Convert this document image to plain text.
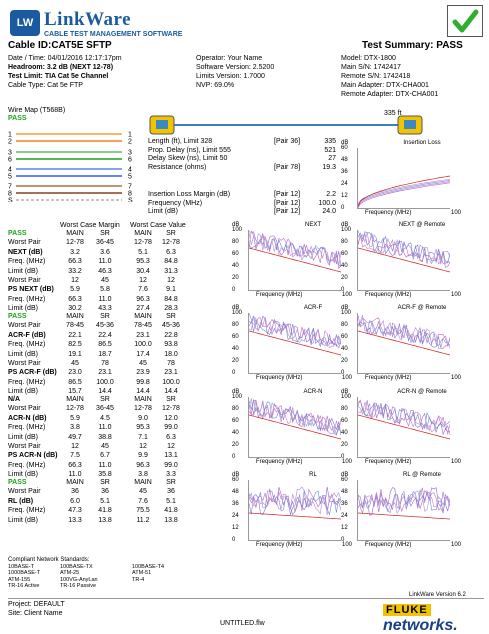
LW LinkWare
CABLE TEST MANAGEMENT SOFTWARE
Cable ID:CAT5E SFTP	Test Summary: PASS
Date / Time: 04/01/2016 12:17:17pm
Headroom: 3.2 dB (NEXT 12-78)
Test Limit: TIA Cat 5e Channel
Cable Type: Cat 5e FTP
Operator: Your Name
Software Version: 2.5200
Limits Version: 1.7000
NVP: 69.0%
Model: DTX-1800
Main S/N: 1742417
Remote S/N: 1742418
Main Adapter: DTX-CHA001
Remote Adapter: DTX-CHA001
Wire Map (T568B)
PASS
1	1
2	2
3	3
6	6
4	4
5	5
7	7
8	8
S	S
335 ft
Length (ft), Limit 328	[Pair 36]	335
Prop. Delay (ns), Limit 555	521
Delay Skew (ns), Limit 50	27
Resistance (ohms)	[Pair 78]	19.3
Insertion Loss Margin (dB)	[Pair 12]	2.2
Frequency (MHz)	[Pair 12]	100.0
Limit (dB)	[Pair 12]	24.0
Worst Case Margin Worst Case Value
PASS	MAIN	SR	MAIN	SR
Worst Pair	12-78	36-45	12-78	12-78
NEXT (dB)	3.2	3.6	5.1	6.3
Freq. (MHz)	66.3	11.0	95.3	84.8
Limit (dB)	33.2	46.3	30.4	31.3
Worst Pair	12	45	12	12
PS NEXT (dB)	5.9	5.8	7.6	9.1
Freq. (MHz)	66.3	11.0	96.3	84.8
Limit (dB)	30.2	43.3	27.4	28.3
PASS	MAIN	SR	MAIN	SR
Worst Pair	78-45	45-36	78-45	45-36
ACR-F (dB)	22.1	22.4	23.1	22.8
Freq. (MHz)	82.5	86.5	100.0	93.8
Limit (dB)	19.1	18.7	17.4	18.0
Worst Pair	45	78	45	78
PS ACR-F (dB)	23.0	23.1	23.9	23.1
Freq. (MHz)	86.5	100.0	99.8	100.0
Limit (dB)	15.7	14.4	14.4	14.4
N/A	MAIN	SR	MAIN	SR
Worst Pair	12-78	36-45	12-78	12-78
ACR-N (dB)	5.9	4.5	9.0	12.0
Freq. (MHz)	3.8	11.0	95.3	99.0
Limit (dB)	49.7	38.8	7.1	6.3
Worst Pair	12	45	12	12
PS ACR-N (dB)	7.5	6.7	9.9	13.1
Freq. (MHz)	66.3	11.0	96.3	99.0
Limit (dB)	11.0	35.8	3.8	3.3
PASS	MAIN	SR	MAIN	SR
Worst Pair	36	36	45	36
RL (dB)	6.0	5.1	7.6	5.1
Freq. (MHz)	47.3	41.8	75.5	41.8
Limit (dB)	13.3	13.8	11.2	13.8
Compliant Network Standards:
10BASE-T	100BASE-TX	100BASE-T4
1000BASE-T	ATM-25	ATM-51
ATM-155	100VG-AnyLan	TR-4
TR-16 Active	TR-16 Passive
dB	Insertion Loss
60
48
36
24
12
0
Frequency (MHz)	100
dB	NEXT
100
80
60
40
20
0
Frequency (MHz)	100
dB	NEXT @ Remote
100
80
60
40
20
0
Frequency (MHz)	100
dB	ACR-F
100
80
60
40
20
0
Frequency (MHz)	100
dB	ACR-F @ Remote
100
80
60
40
20
0
Frequency (MHz)	100
dB	ACR-N
100
80
60
40
20
0
Frequency (MHz)	100
dB	ACR-N @ Remote
100
80
60
40
20
0
Frequency (MHz)	100
dB	RL
60
48
36
24
12
0
Frequency (MHz)	100
dB	RL @ Remote
60
48
36
24
12
0
Frequency (MHz)	100
LinkWare Version 6.2
Project: DEFAULT
Site: Client Name
UNTITLED.flw
FLUKE
networks.
